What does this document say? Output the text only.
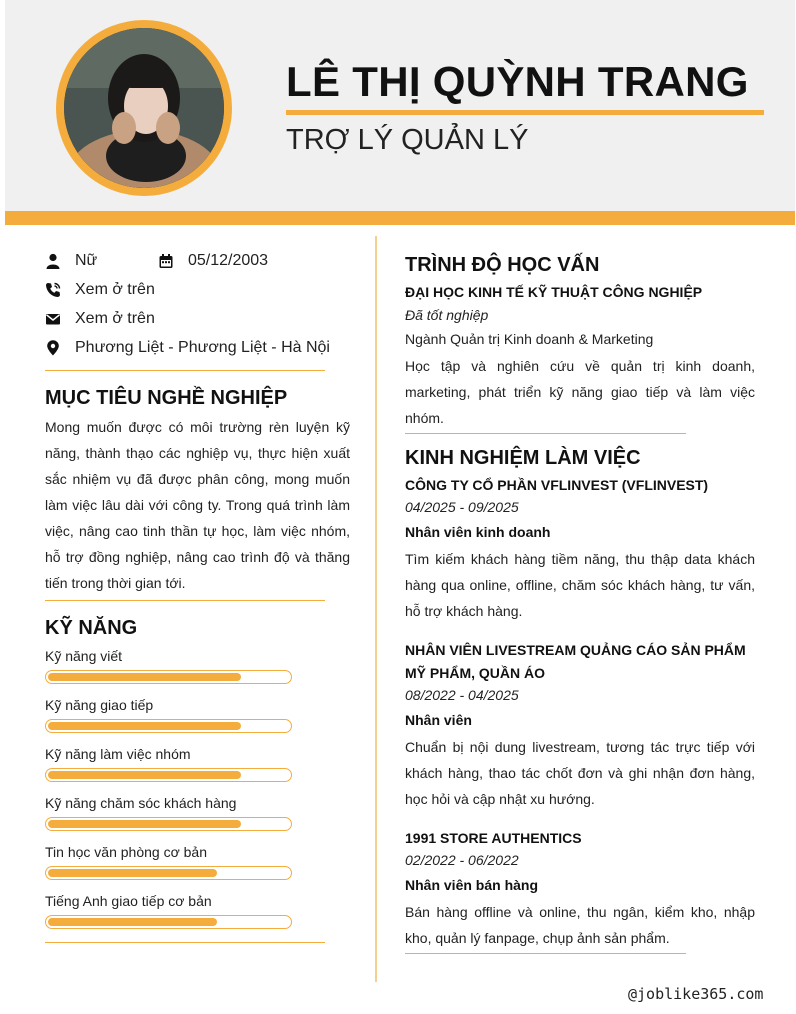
LÊ THỊ QUỲNH TRANG
TRỢ LÝ QUẢN LÝ
Nữ	05/12/2003
Xem ở trên
Xem ở trên
Phương Liệt - Phương Liệt - Hà Nội
MỤC TIÊU NGHỀ NGHIỆP
Mong muốn được có môi trường rèn luyện kỹ năng, thành thạo các nghiệp vụ, thực hiện xuất sắc nhiệm vụ đã được phân công, mong muốn làm việc lâu dài với công ty. Trong quá trình làm việc, nâng cao tinh thần tự học, làm việc nhóm, hỗ trợ đồng nghiệp, nâng cao trình độ và thăng tiến trong thời gian tới.
KỸ NĂNG
Kỹ năng viết
Kỹ năng giao tiếp
Kỹ năng làm việc nhóm
Kỹ năng chăm sóc khách hàng
Tin học văn phòng cơ bản
Tiếng Anh giao tiếp cơ bản
TRÌNH ĐỘ HỌC VẤN
ĐẠI HỌC KINH TẾ KỸ THUẬT CÔNG NGHIỆP
Đã tốt nghiệp
Ngành Quản trị Kinh doanh & Marketing
Học tập và nghiên cứu về quản trị kinh doanh, marketing, phát triển kỹ năng giao tiếp và làm việc nhóm.
KINH NGHIỆM LÀM VIỆC
CÔNG TY CỔ PHẦN VFLINVEST (VFLINVEST)
04/2025 - 09/2025
Nhân viên kinh doanh
Tìm kiếm khách hàng tiềm năng, thu thập data khách hàng qua online, offline, chăm sóc khách hàng, tư vấn, hỗ trợ khách hàng.
NHÂN VIÊN LIVESTREAM QUẢNG CÁO SẢN PHẨM MỸ PHẨM, QUẦN ÁO
08/2022 - 04/2025
Nhân viên
Chuẩn bị nội dung livestream, tương tác trực tiếp với khách hàng, thao tác chốt đơn và ghi nhận đơn hàng, học hỏi và cập nhật xu hướng.
1991 STORE AUTHENTICS
02/2022 - 06/2022
Nhân viên bán hàng
Bán hàng offline và online, thu ngân, kiểm kho, nhập kho, quản lý fanpage, chụp ảnh sản phẩm.
@joblike365.com
